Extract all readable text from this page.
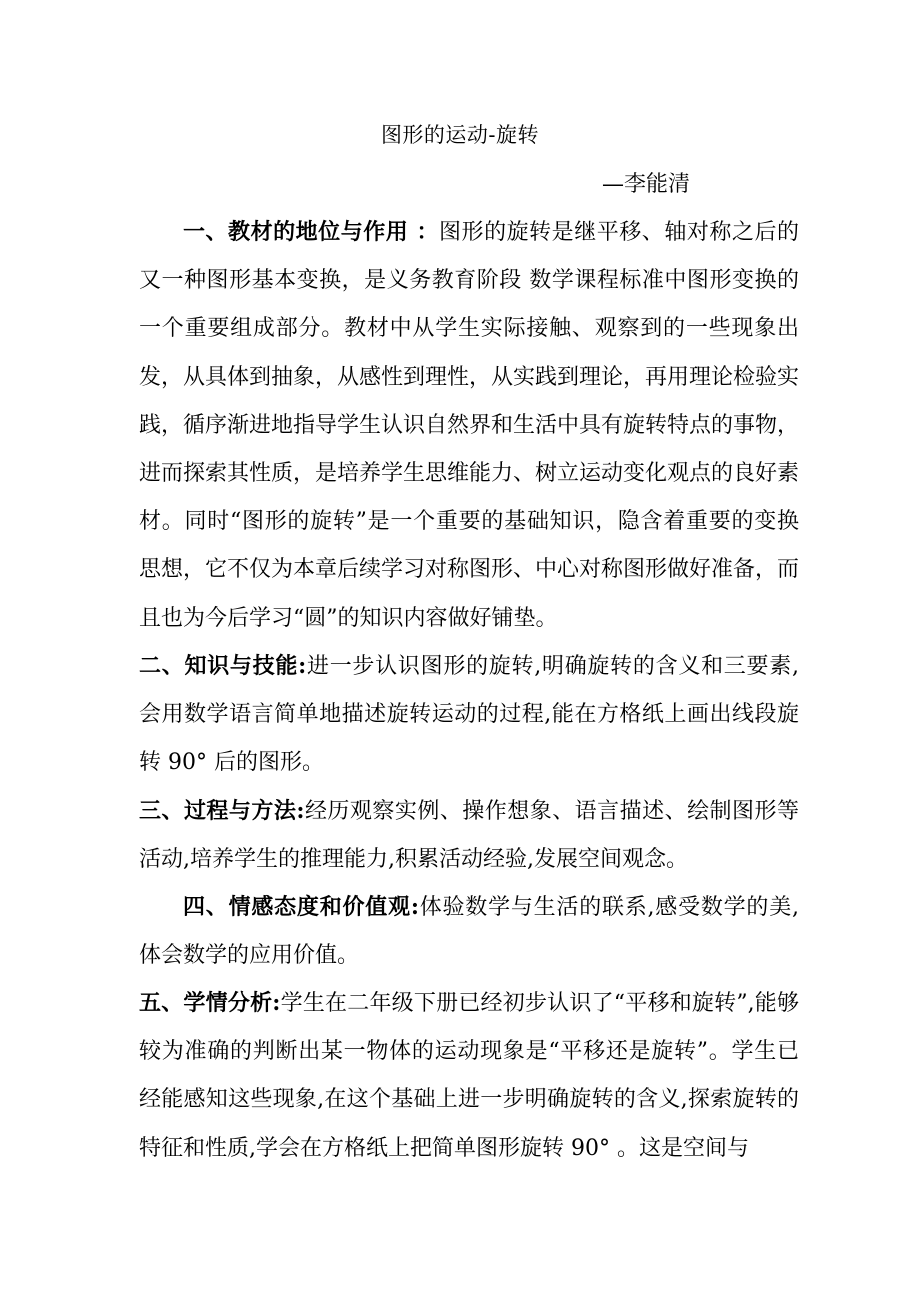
图形的运动-旋转
—李能清
一、教材的地位与作用 ：图形的旋转是继平移、轴对称之后的又一种图形基本变换，是义务教育阶段 数学课程标准中图形变换的一个重要组成部分。教材中从学生实际接触、观察到的一些现象出发，从具体到抽象，从感性到理性，从实践到理论，再用理论检验实践，循序渐进地指导学生认识自然界和生活中具有旋转特点的事物，进而探索其性质，是培养学生思维能力、树立运动变化观点的良好素材。同时“图形的旋转”是一个重要的基础知识，隐含着重要的变换思想，它不仅为本章后续学习对称图形、中心对称图形做好准备，而且也为今后学习“圆”的知识内容做好铺垫。
二、知识与技能:进一步认识图形的旋转,明确旋转的含义和三要素,会用数学语言简单地描述旋转运动的过程,能在方格纸上画出线段旋转 90° 后的图形。
三、过程与方法:经历观察实例、操作想象、语言描述、绘制图形等活动,培养学生的推理能力,积累活动经验,发展空间观念。
四、情感态度和价值观:体验数学与生活的联系,感受数学的美,体会数学的应用价值。
五、学情分析:学生在二年级下册已经初步认识了“平移和旋转”,能够较为准确的判断出某一物体的运动现象是“平移还是旋转”。学生已经能感知这些现象,在这个基础上进一步明确旋转的含义,探索旋转的特征和性质,学会在方格纸上把简单图形旋转 90° 。这是空间与
